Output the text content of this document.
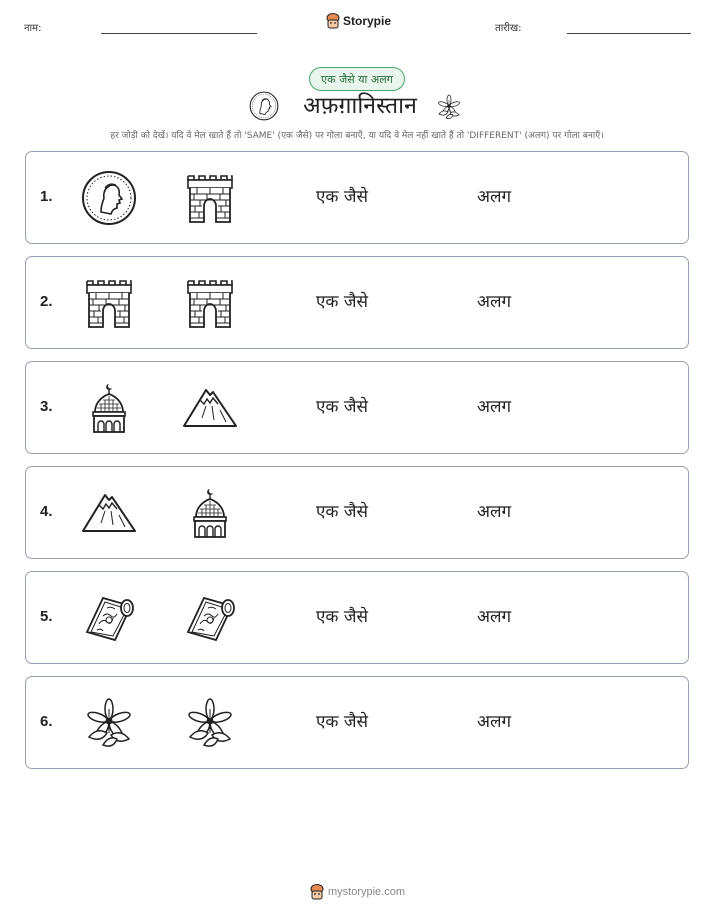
नाम:
Storypie
तारीख:
एक जैसे या अलग
अफ़ग़ानिस्तान
हर जोड़ी को देखें। यदि वे मेल खाते हैं तो 'SAME' (एक जैसे) पर गोला बनाएँ, या यदि वे मेल नहीं खाते हैं तो 'DIFFERENT' (अलग) पर गोला बनाएँ।
1.	एक जैसे	अलग
2.	एक जैसे	अलग
3.	एक जैसे	अलग
4.	एक जैसे	अलग
5.	एक जैसे	अलग
6.	एक जैसे	अलग
mystorypie.com
